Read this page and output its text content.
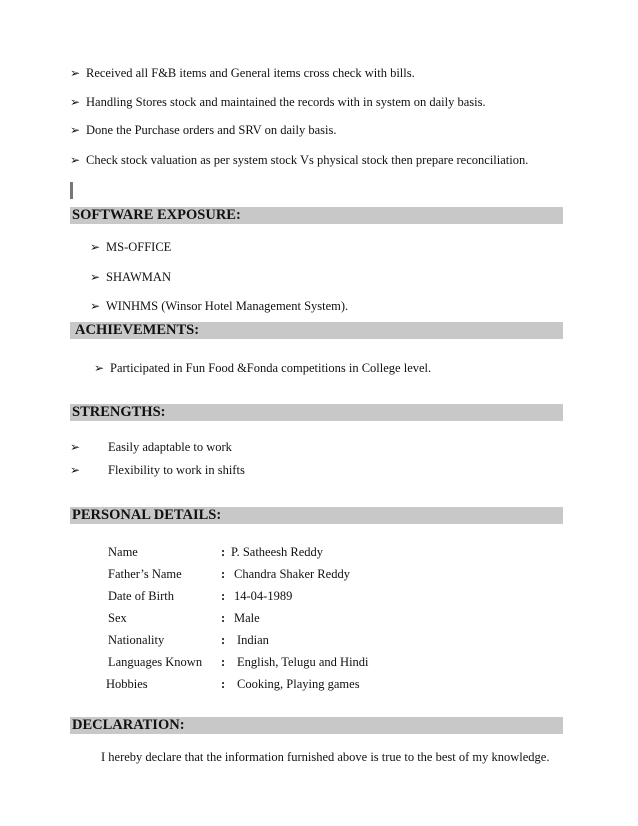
➢ Received all F&B items and General items cross check with bills.
➢ Handling Stores stock and maintained the records with in system on daily basis.
➢ Done the Purchase orders and SRV on daily basis.
➢ Check stock valuation as per system stock Vs physical stock then prepare reconciliation.
SOFTWARE EXPOSURE:
➢ MS-OFFICE
➢ SHAWMAN
➢ WINHMS (Winsor Hotel Management System).
ACHIEVEMENTS:
➢ Participated in Fun Food &Fonda competitions in College level.
STRENGTHS:
➢ Easily adaptable to work
➢ Flexibility to work in shifts
PERSONAL DETAILS:
Name	: P. Satheesh Reddy
Father’s Name	: Chandra Shaker Reddy
Date of Birth	: 14-04-1989
Sex	: Male
Nationality	: Indian
Languages Known : English, Telugu and Hindi
Hobbies	: Cooking, Playing games
DECLARATION:
I hereby declare that the information furnished above is true to the best of my knowledge.
